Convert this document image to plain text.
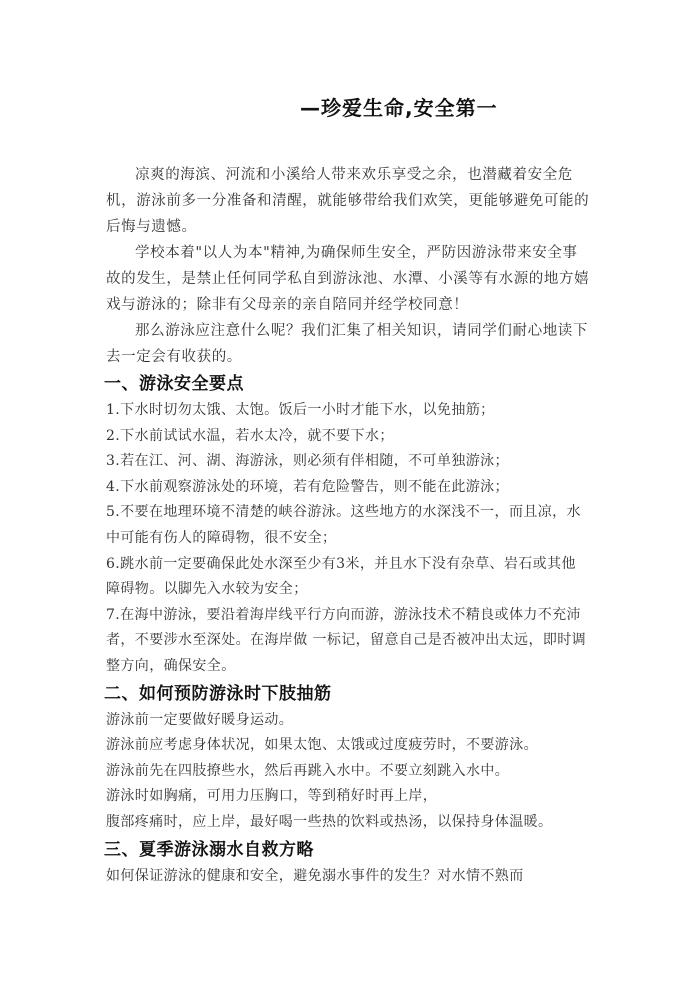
—珍爱生命,安全第一

凉爽的海滨、河流和小溪给人带来欢乐享受之余，也潜藏着安全危机，游泳前多一分准备和清醒，就能够带给我们欢笑，更能够避免可能的后悔与遗憾。

学校本着"以人为本"精神,为确保师生安全，严防因游泳带来安全事故的发生，是禁止任何同学私自到游泳池、水潭、小溪等有水源的地方嬉戏与游泳的；除非有父母亲的亲自陪同并经学校同意！

那么游泳应注意什么呢？我们汇集了相关知识，请同学们耐心地读下去一定会有收获的。

一、游泳安全要点

1.下水时切勿太饿、太饱。饭后一小时才能下水，以免抽筋；

2.下水前试试水温，若水太冷，就不要下水；

3.若在江、河、湖、海游泳，则必须有伴相随，不可单独游泳；

4.下水前观察游泳处的环境，若有危险警告，则不能在此游泳；

5.不要在地理环境不清楚的峡谷游泳。这些地方的水深浅不一，而且凉，水中可能有伤人的障碍物，很不安全；

6.跳水前一定要确保此处水深至少有3米，并且水下没有杂草、岩石或其他障碍物。以脚先入水较为安全；

7.在海中游泳，要沿着海岸线平行方向而游，游泳技术不精良或体力不充沛者，不要涉水至深处。在海岸做 一标记，留意自己是否被冲出太远，即时调整方向，确保安全。

二、如何预防游泳时下肢抽筋

游泳前一定要做好暖身运动。

游泳前应考虑身体状况，如果太饱、太饿或过度疲劳时，不要游泳。

游泳前先在四肢撩些水，然后再跳入水中。不要立刻跳入水中。

游泳时如胸痛，可用力压胸口，等到稍好时再上岸，

腹部疼痛时，应上岸，最好喝一些热的饮料或热汤，以保持身体温暖。

三、夏季游泳溺水自救方略

如何保证游泳的健康和安全，避免溺水事件的发生？对水情不熟而
